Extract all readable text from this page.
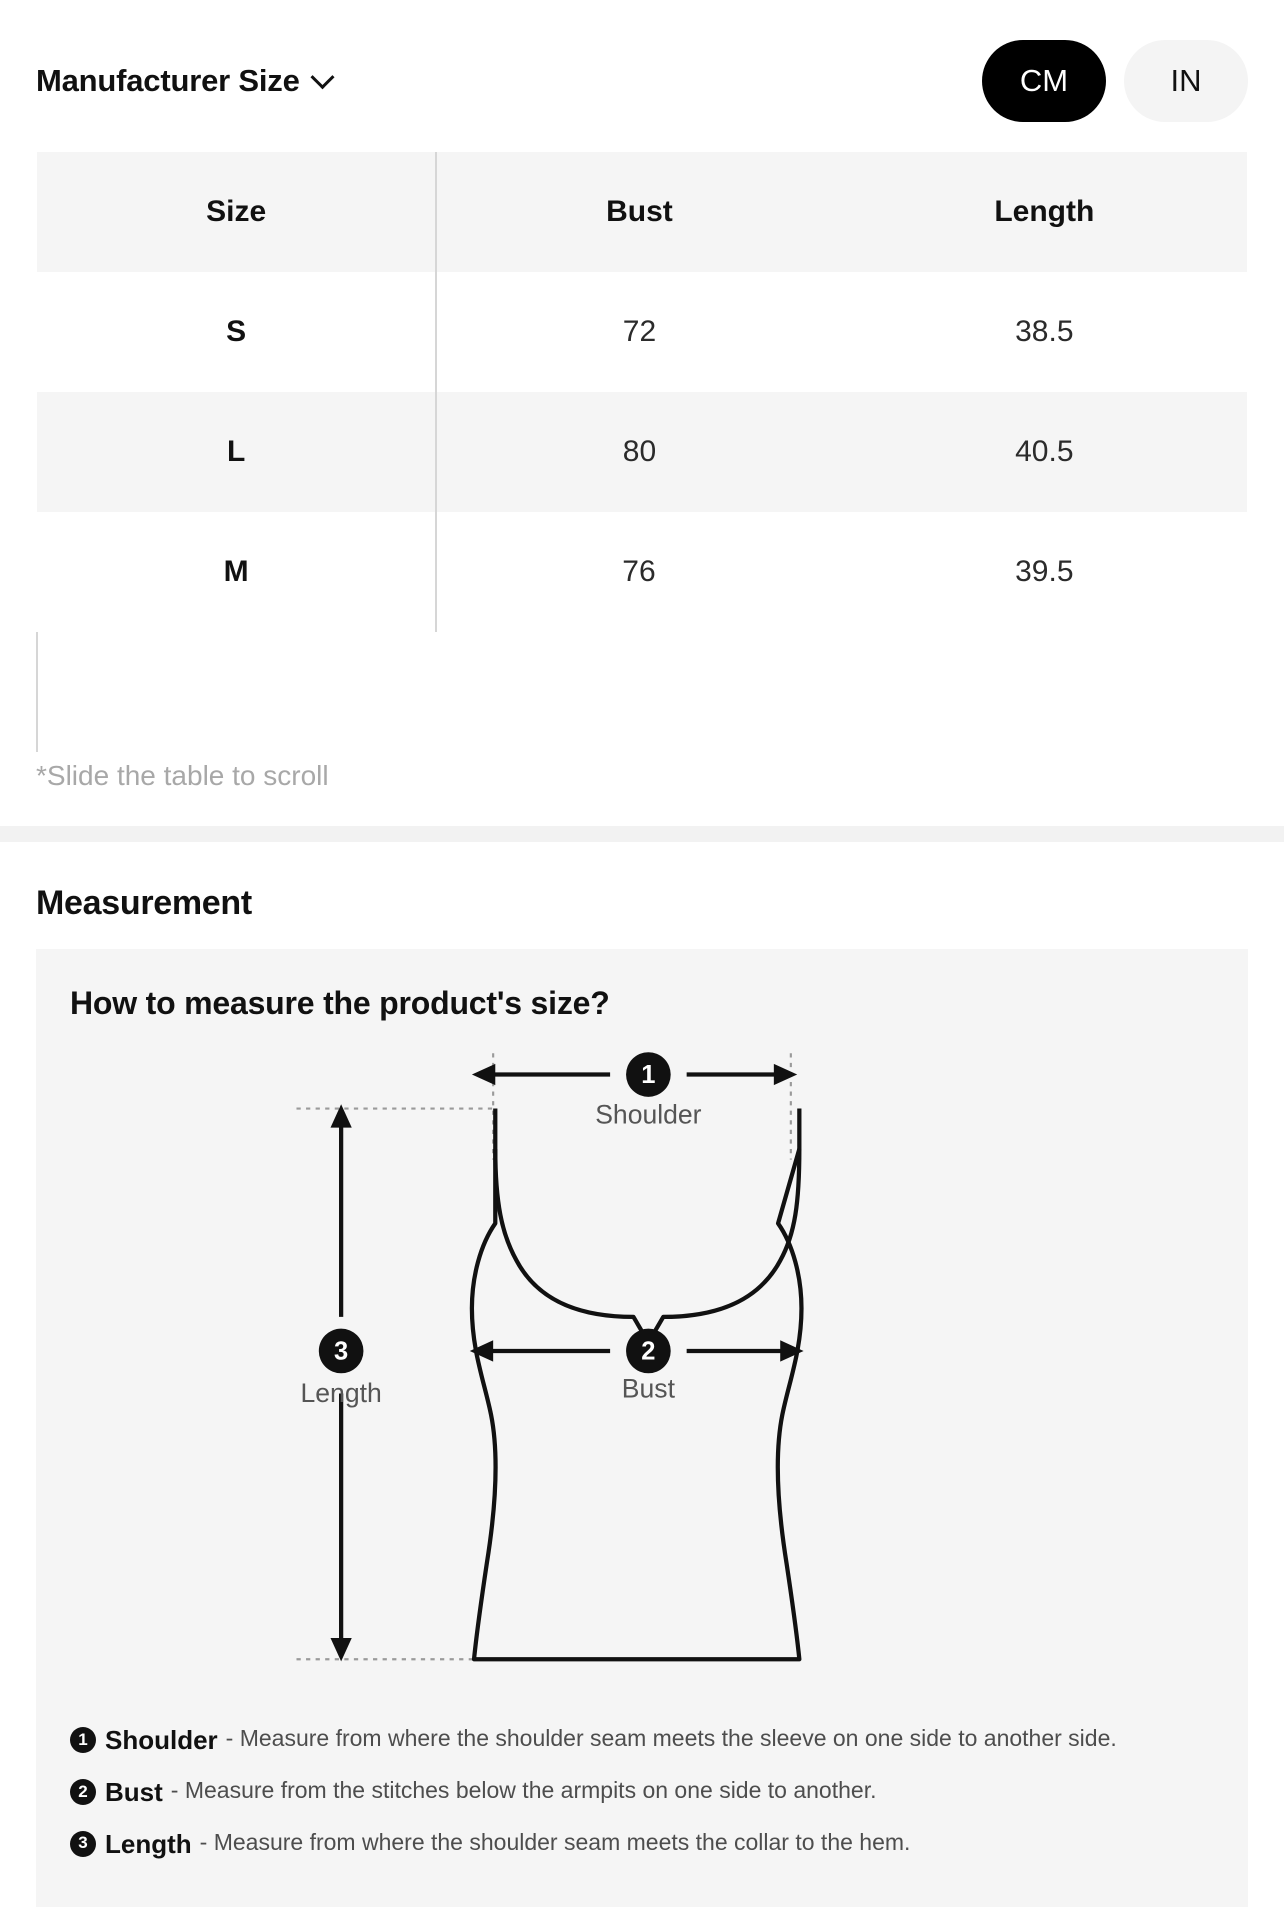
Manufacturer Size	CM	IN
Size	Bust	Length
S	72	38.5
L	80	40.5
M	76	39.5

*Slide the table to scroll
Measurement
How to measure the product's size?
1
Shoulder
2
Bust
3
Length
1 Shoulder - Measure from where the shoulder seam meets the sleeve on one side to another side.
2 Bust - Measure from the stitches below the armpits on one side to another.
3 Length - Measure from where the shoulder seam meets the collar to the hem.
